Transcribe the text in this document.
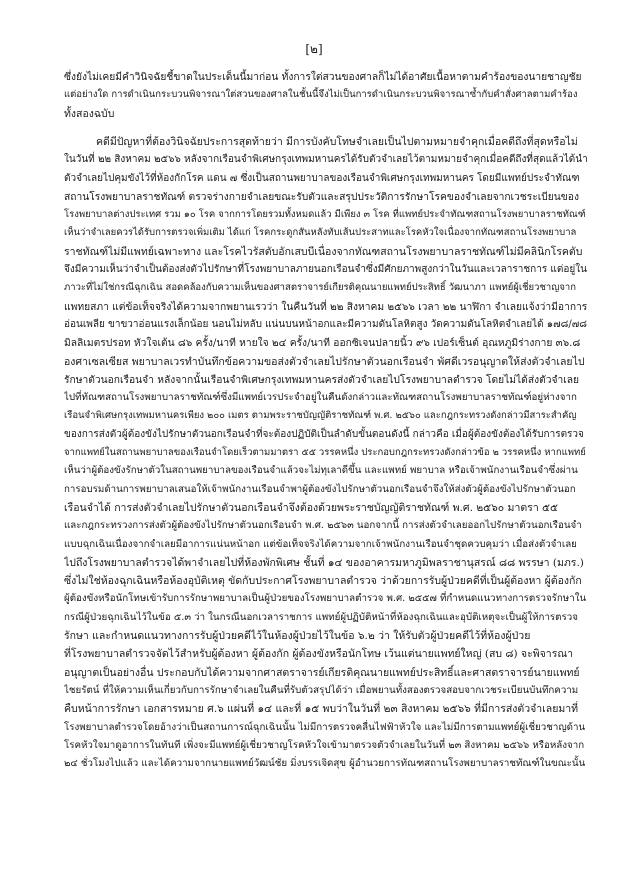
[๒]
ซึ่งยังไม่เคยมีคำวินิจฉัยชี้ขาดในประเด็นนี้มาก่อน ทั้งการใต่สวนของศาลก็ไม่ได้อาศัยเนื้อหาตามคำร้องของนายชาญชัย
แต่อย่างใด การดำเนินกระบวนพิจารณาใต่สวนของศาลในชั้นนี้จึงไม่เป็นการดำเนินกระบวนพิจารณาซ้ำกับคำสั่งศาลตามคำร้อง
ทั้งสองฉบับ
คดีมีปัญหาที่ต้องวินิจฉัยประการสุดท้ายว่า มีการบังคับโทษจำเลยเป็นไปตามหมายจำคุกเมื่อคดีถึงที่สุดหรือไม่
ในวันที่ ๒๒ สิงหาคม ๒๕๖๖ หลังจากเรือนจำพิเศษกรุงเทพมหานครได้รับตัวจำเลยไว้ตามหมายจำคุกเมื่อคดีถึงที่สุดแล้วได้นำ
ตัวจำเลยไปคุมขังไว้ที่ห้องกักโรค แดน ๗ ซึ่งเป็นสถานพยาบาลของเรือนจำพิเศษกรุงเทพมหานคร โดยมีแพทย์ประจำทัณฑ
สถานโรงพยาบาลราชทัณฑ์ ตรวจร่างกายจำเลยขณะรับตัวและสรุปประวัติการรักษาโรคของจำเลยจากเวชระเบียนของ
โรงพยาบาลต่างประเทศ รวม ๑๐ โรค จากการโดยรวมทั้งหมดแล้ว มีเพียง ๓ โรค ที่แพทย์ประจำทัณฑสถานโรงพยาบาลราชทัณฑ์
เห็นว่าจำเลยควรได้รับการตรวจเพิ่มเติม ได้แก่ โรคกระดูกสันหลังทับเส้นประสาทและโรคหัวใจเนื่องจากทัณฑสถานโรงพยาบาล
ราชทัณฑ์ไม่มีแพทย์เฉพาะทาง และโรคไวรัสตับอักเสบบีเนื่องจากทัณฑสถานโรงพยาบาลราชทัณฑ์ไม่มีคลินิกโรคตับ
จึงมีความเห็นว่าจำเป็นต้องส่งตัวไปรักษาที่โรงพยาบาลภายนอกเรือนจำซึ่งมีศักยภาพสูงกว่าในวันและเวลาราชการ แต่อยู่ใน
ภาวะที่ไม่ใช่กรณีฉุกเฉิน สอดคล้องกับความเห็นของศาสตราจารย์เกียรติคุณนายแพทย์ประสิทธิ์ วัฒนาภา แพทย์ผู้เชี่ยวชาญจาก
แพทยสภา แต่ข้อเท็จจริงได้ความจากพยานเรวว่า ในคืนวันที่ ๒๒ สิงหาคม ๒๕๖๖ เวลา ๒๒ นาฬิกา จำเลยแจ้งว่ามีอาการ
อ่อนเพลีย ขาขวาอ่อนแรงเล็กน้อย นอนไม่หลับ แน่นบนหน้าอกและมีความดันโลหิตสูง วัดความดันโลหิตจำเลยได้ ๑๗๘/๗๘
มิลลิเมตรปรอท หัวใจเต้น ๘๖ ครั้ง/นาที หายใจ ๒๔ ครั้ง/นาที ออกซิเจนปลายนิ้ว ๙๖ เปอร์เซ็นต์ อุณหภูมิร่างกาย ๓๖.๘
องศาเซลเซียส พยาบาลเวรทำบันทึกข้อความขอส่งตัวจำเลยไปรักษาตัวนอกเรือนจำ พัศดีเวรอนุญาตให้ส่งตัวจำเลยไป
รักษาตัวนอกเรือนจำ หลังจากนั้นเรือนจำพิเศษกรุงเทพมหานครส่งตัวจำเลยไปโรงพยาบาลตำรวจ โดยไม่ได้ส่งตัวจำเลย
ไปที่ทัณฑสถานโรงพยาบาลราชทัณฑ์ซึ่งมีแพทย์เวรประจำอยู่ในคืนดังกล่าวและทัณฑสถานโรงพยาบาลราชทัณฑ์อยู่ห่างจาก
เรือนจำพิเศษกรุงเทพมหานครเพียง ๒๐๐ เมตร ตามพระราชบัญญัติราชทัณฑ์ พ.ศ. ๒๕๖๐ และกฎกระทรวงดังกล่าวมีสาระสำคัญ
ของการส่งตัวผู้ต้องขังไปรักษาตัวนอกเรือนจำที่จะต้องปฏิบัติเป็นลำดับขั้นตอนดังนี้ กล่าวคือ เมื่อผู้ต้องขังต้องได้รับการตรวจ
จากแพทย์ในสถานพยาบาลของเรือนจำโดยเร็วตามมาตรา ๕๕ วรรคหนึ่ง ประกอบกฎกระทรวงดังกล่าวข้อ ๒ วรรคหนึ่ง หากแพทย์
เห็นว่าผู้ต้องขังรักษาตัวในสถานพยาบาลของเรือนจำแล้วจะไม่ทุเลาดีขึ้น และแพทย์ พยาบาล หรือเจ้าพนักงานเรือนจำซึ่งผ่าน
การอบรมด้านการพยาบาลเสนอให้เจ้าพนักงานเรือนจำพาผู้ต้องขังไปรักษาตัวนอกเรือนจำจึงให้ส่งตัวผู้ต้องขังไปรักษาตัวนอก
เรือนจำได้ การส่งตัวจำเลยไปรักษาตัวนอกเรือนจำจึงต้องด้วยพระราชบัญญัติราชทัณฑ์ พ.ศ. ๒๕๖๐ มาตรา ๕๕
และกฎกระทรวงการส่งตัวผู้ต้องขังไปรักษาตัวนอกเรือนจำ พ.ศ. ๒๕๖๓ นอกจากนี้ การส่งตัวจำเลยออกไปรักษาตัวนอกเรือนจำ
แบบฉุกเฉินเนื่องจากจำเลยมีอาการแน่นหน้าอก แต่ข้อเท็จจริงได้ความจากเจ้าพนักงานเรือนจำชุดควบคุมว่า เมื่อส่งตัวจำเลย
ไปถึงโรงพยาบาลตำรวจได้พาจำเลยไปที่ห้องพักพิเศษ ชั้นที่ ๑๔ ของอาคารมหาภูมิพลราชานุสรณ์ ๘๘ พรรษา (มภร.)
ซึ่งไม่ใช่ห้องฉุกเฉินหรือห้องอุบัติเหตุ ขัดกับประกาศโรงพยาบาลตำรวจ ว่าด้วยการรับผู้ป่วยคดีที่เป็นผู้ต้องหา ผู้ต้องกัก
ผู้ต้องขังหรือนักโทษเข้ารับการรักษาพยาบาลเป็นผู้ป่วยของโรงพยาบาลตำรวจ พ.ศ. ๒๕๕๗ ที่กำหนดแนวทางการตรวจรักษาใน
กรณีผู้ป่วยฉุกเฉินไว้ในข้อ ๕.๓ ว่า ในกรณีนอกเวลาราชการ แพทย์ผู้ปฏิบัติหน้าที่ห้องฉุกเฉินและอุบัติเหตุจะเป็นผู้ให้การตรวจ
รักษา และกำหนดแนวทางการรับผู้ป่วยคดีไว้ในห้องผู้ป่วยไว้ในข้อ ๖.๒ ว่า ให้รับตัวผู้ป่วยคดีไว้ที่ห้องผู้ป่วย
ที่โรงพยาบาลตำรวจจัดไว้สำหรับผู้ต้องหา ผู้ต้องกัก ผู้ต้องขังหรือนักโทษ เว้นแต่นายแพทย์ใหญ่ (สบ ๘) จะพิจารณา
อนุญาตเป็นอย่างอื่น ประกอบกับได้ความจากศาสตราจารย์เกียรติคุณนายแพทย์ประสิทธิ์และศาสตราจารย์นายแพทย์
ไชยรัตน์ ที่ให้ความเห็นเกี่ยวกับการรักษาจำเลยในคืนที่รับตัวสรุปได้ว่า เมื่อพยานทั้งสองตรวจสอบจากเวชระเบียนบันทึกความ
คืบหน้าการรักษา เอกสารหมาย ศ.๖ แผ่นที่ ๑๔ และที่ ๑๕ พบว่าในวันที่ ๒๓ สิงหาคม ๒๕๖๖ ที่มีการส่งตัวจำเลยมาที่
โรงพยาบาลตำรวจโดยอ้างว่าเป็นสถานการณ์ฉุกเฉินนั้น ไม่มีการตรวจคลื่นไฟฟ้าหัวใจ และไม่มีการตามแพทย์ผู้เชี่ยวชาญด้าน
โรคหัวใจมาดูอาการในทันที เพิ่งจะมีแพทย์ผู้เชี่ยวชาญโรคหัวใจเข้ามาตรวจตัวจำเลยในวันที่ ๒๓ สิงหาคม ๒๕๖๖ หรือหลังจาก
๒๔ ชั่วโมงไปแล้ว และได้ความจากนายแพทย์วัฒน์ชัย มิ่งบรรเจิดสุข ผู้อำนวยการทัณฑสถานโรงพยาบาลราชทัณฑ์ในขณะนั้น
